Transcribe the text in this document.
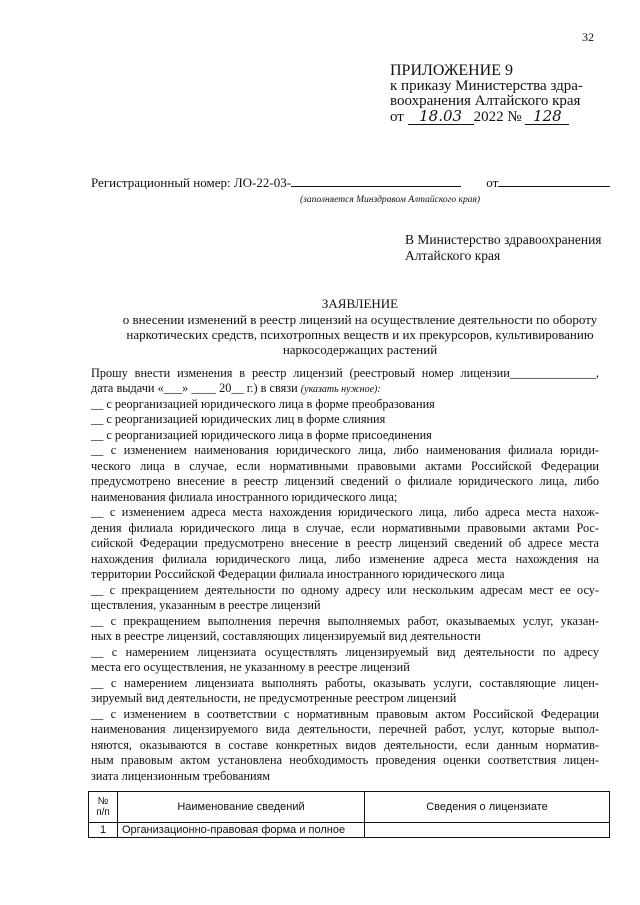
32
ПРИЛОЖЕНИЕ 9
к приказу Министерства здра-
воохранения Алтайского края
от 18.03 2022 № 128
Регистрационный номер: ЛО-22-03-	от
(заполняется Минздравом Алтайского края)
В Министерство здравоохранения
Алтайского края
ЗАЯВЛЕНИЕ
о внесении изменений в реестр лицензий на осуществление деятельности по обороту
наркотических средств, психотропных веществ и их прекурсоров, культивированию
наркосодержащих растений
Прошу внести изменения в реестр лицензий (реестровый номер лицензии______________,
дата выдачи «___» ____ 20__ г.) в связи (указать нужное):
__ с реорганизацией юридического лица в форме преобразования
__ с реорганизацией юридических лиц в форме слияния
__ с реорганизацией юридического лица в форме присоединения
__ с изменением наименования юридического лица, либо наименования филиала юриди-
ческого лица в случае, если нормативными правовыми актами Российской Федерации
предусмотрено внесение в реестр лицензий сведений о филиале юридического лица, либо
наименования филиала иностранного юридического лица;
__ с изменением адреса места нахождения юридического лица, либо адреса места нахож-
дения филиала юридического лица в случае, если нормативными правовыми актами Рос-
сийской Федерации предусмотрено внесение в реестр лицензий сведений об адресе места
нахождения филиала юридического лица, либо изменение адреса места нахождения на
территории Российской Федерации филиала иностранного юридического лица
__ с прекращением деятельности по одному адресу или нескольким адресам мест ее осу-
ществления, указанным в реестре лицензий
__ с прекращением выполнения перечня выполняемых работ, оказываемых услуг, указан-
ных в реестре лицензий, составляющих лицензируемый вид деятельности
__ с намерением лицензиата осуществлять лицензируемый вид деятельности по адресу
места его осуществления, не указанному в реестре лицензий
__ с намерением лицензиата выполнять работы, оказывать услуги, составляющие лицен-
зируемый вид деятельности, не предусмотренные реестром лицензий
__ с изменением в соответствии с нормативным правовым актом Российской Федерации
наименования лицензируемого вида деятельности, перечней работ, услуг, которые выпол-
няются, оказываются в составе конкретных видов деятельности, если данным норматив-
ным правовым актом установлена необходимость проведения оценки соответствия лицен-
зиата лицензионным требованиям
№ п/п	Наименование сведений	Сведения о лицензиате
1	Организационно-правовая форма и полное	
